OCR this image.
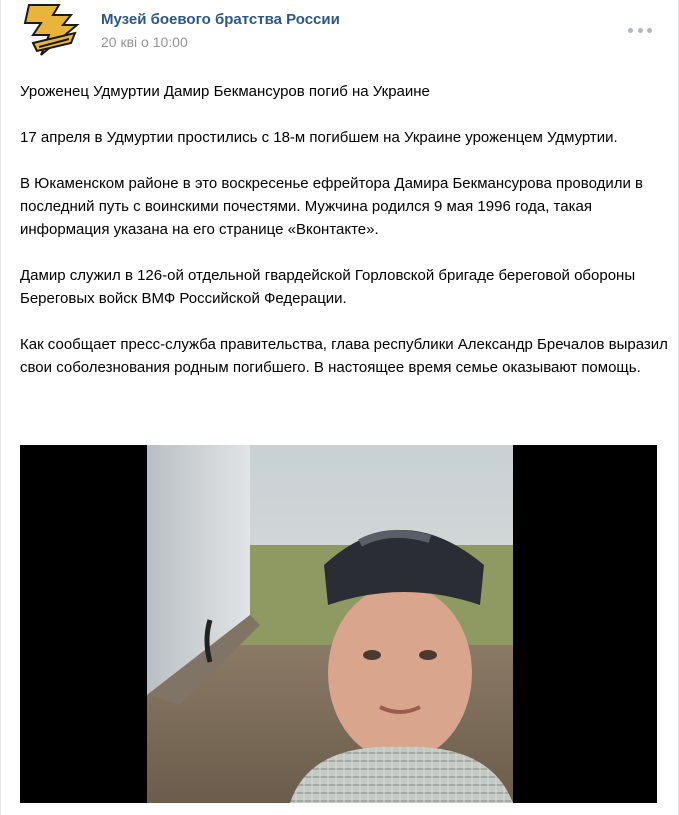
Музей боевого братства России
20 кві о 10:00

Уроженец Удмуртии Дамир Бекмансуров погиб на Украине

17 апреля в Удмуртии простились с 18-м погибшем на Украине уроженцем Удмуртии.

В Юкаменском районе в это воскресенье ефрейтора Дамира Бекмансурова проводили в последний путь с воинскими почестями. Мужчина родился 9 мая 1996 года, такая информация указана на его странице «Вконтакте».

Дамир служил в 126-ой отдельной гвардейской Горловской бригаде береговой обороны Береговых войск ВМФ Российской Федерации.

Как сообщает пресс-служба правительства, глава республики Александр Бречалов выразил свои соболезнования родным погибшего. В настоящее время семье оказывают помощь.
